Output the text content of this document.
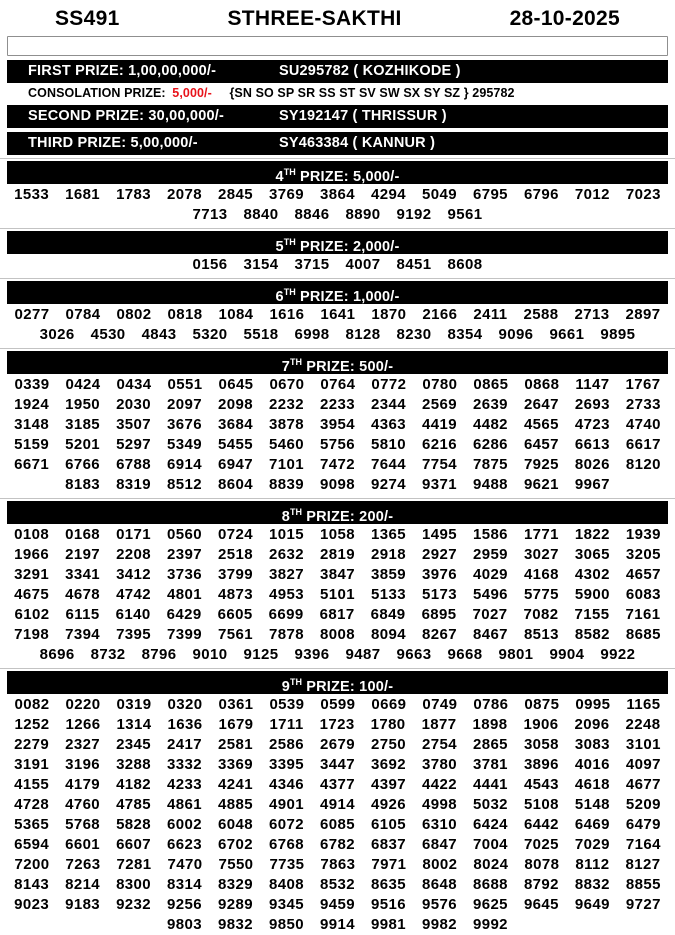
SS491	STHREE-SAKTHI	28-10-2025
FIRST PRIZE: 1,00,00,000/-	SU295782 ( KOZHIKODE )
CONSOLATION PRIZE: 5,000/- {SN SO SP SR SS ST SV SW SX SY SZ } 295782
SECOND PRIZE: 30,00,000/-	SY192147 ( THRISSUR )
THIRD PRIZE: 5,00,000/-	SY463384 ( KANNUR )
4TH PRIZE: 5,000/-
1533 1681 1783 2078 2845 3769 3864 4294 5049 6795 6796 7012 7023
7713 8840 8846 8890 9192 9561
5TH PRIZE: 2,000/-
0156 3154 3715 4007 8451 8608
6TH PRIZE: 1,000/-
0277 0784 0802 0818 1084 1616 1641 1870 2166 2411 2588 2713 2897
3026 4530 4843 5320 5518 6998 8128 8230 8354 9096 9661 9895
7TH PRIZE: 500/-
0339 0424 0434 0551 0645 0670 0764 0772 0780 0865 0868 1147 1767
1924 1950 2030 2097 2098 2232 2233 2344 2569 2639 2647 2693 2733
3148 3185 3507 3676 3684 3878 3954 4363 4419 4482 4565 4723 4740
5159 5201 5297 5349 5455 5460 5756 5810 6216 6286 6457 6613 6617
6671 6766 6788 6914 6947 7101 7472 7644 7754 7875 7925 8026 8120
8183 8319 8512 8604 8839 9098 9274 9371 9488 9621 9967
8TH PRIZE: 200/-
0108 0168 0171 0560 0724 1015 1058 1365 1495 1586 1771 1822 1939
1966 2197 2208 2397 2518 2632 2819 2918 2927 2959 3027 3065 3205
3291 3341 3412 3736 3799 3827 3847 3859 3976 4029 4168 4302 4657
4675 4678 4742 4801 4873 4953 5101 5133 5173 5496 5775 5900 6083
6102 6115 6140 6429 6605 6699 6817 6849 6895 7027 7082 7155 7161
7198 7394 7395 7399 7561 7878 8008 8094 8267 8467 8513 8582 8685
8696 8732 8796 9010 9125 9396 9487 9663 9668 9801 9904 9922
9TH PRIZE: 100/-
0082 0220 0319 0320 0361 0539 0599 0669 0749 0786 0875 0995 1165
1252 1266 1314 1636 1679 1711 1723 1780 1877 1898 1906 2096 2248
2279 2327 2345 2417 2581 2586 2679 2750 2754 2865 3058 3083 3101
3191 3196 3288 3332 3369 3395 3447 3692 3780 3781 3896 4016 4097
4155 4179 4182 4233 4241 4346 4377 4397 4422 4441 4543 4618 4677
4728 4760 4785 4861 4885 4901 4914 4926 4998 5032 5108 5148 5209
5365 5768 5828 6002 6048 6072 6085 6105 6310 6424 6442 6469 6479
6594 6601 6607 6623 6702 6768 6782 6837 6847 7004 7025 7029 7164
7200 7263 7281 7470 7550 7735 7863 7971 8002 8024 8078 8112 8127
8143 8214 8300 8314 8329 8408 8532 8635 8648 8688 8792 8832 8855
9023 9183 9232 9256 9289 9345 9459 9516 9576 9625 9645 9649 9727
9803 9832 9850 9914 9981 9982 9992
